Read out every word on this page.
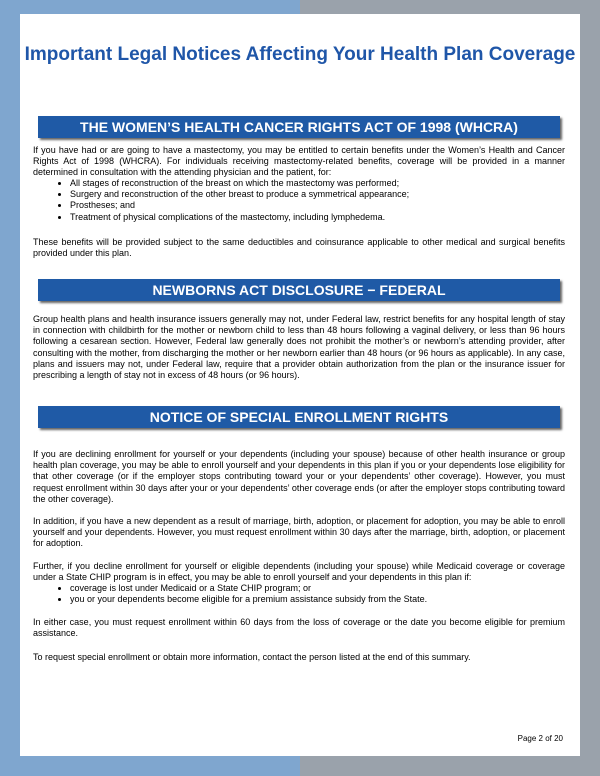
Important Legal Notices Affecting Your Health Plan Coverage
THE WOMEN’S HEALTH CANCER RIGHTS ACT OF 1998 (WHCRA)
If you have had or are going to have a mastectomy, you may be entitled to certain benefits under the Women’s Health and Cancer Rights Act of 1998 (WHCRA). For individuals receiving mastectomy-related benefits, coverage will be provided in a manner determined in consultation with the attending physician and the patient, for:
• All stages of reconstruction of the breast on which the mastectomy was performed;
• Surgery and reconstruction of the other breast to produce a symmetrical appearance;
• Prostheses; and
• Treatment of physical complications of the mastectomy, including lymphedema.
These benefits will be provided subject to the same deductibles and coinsurance applicable to other medical and surgical benefits provided under this plan.
NEWBORNS ACT DISCLOSURE − FEDERAL
Group health plans and health insurance issuers generally may not, under Federal law, restrict benefits for any hospital length of stay in connection with childbirth for the mother or newborn child to less than 48 hours following a vaginal delivery, or less than 96 hours following a cesarean section. However, Federal law generally does not prohibit the mother’s or newborn’s attending provider, after consulting with the mother, from discharging the mother or her newborn earlier than 48 hours (or 96 hours as applicable). In any case, plans and issuers may not, under Federal law, require that a provider obtain authorization from the plan or the insurance issuer for prescribing a length of stay not in excess of 48 hours (or 96 hours).
NOTICE OF SPECIAL ENROLLMENT RIGHTS
If you are declining enrollment for yourself or your dependents (including your spouse) because of other health insurance or group health plan coverage, you may be able to enroll yourself and your dependents in this plan if you or your dependents lose eligibility for that other coverage (or if the employer stops contributing toward your or your dependents’ other coverage). However, you must request enrollment within 30 days after your or your dependents’ other coverage ends (or after the employer stops contributing toward the other coverage).
In addition, if you have a new dependent as a result of marriage, birth, adoption, or placement for adoption, you may be able to enroll yourself and your dependents. However, you must request enrollment within 30 days after the marriage, birth, adoption, or placement for adoption.
Further, if you decline enrollment for yourself or eligible dependents (including your spouse) while Medicaid coverage or coverage under a State CHIP program is in effect, you may be able to enroll yourself and your dependents in this plan if:
• coverage is lost under Medicaid or a State CHIP program; or
• you or your dependents become eligible for a premium assistance subsidy from the State.
In either case, you must request enrollment within 60 days from the loss of coverage or the date you become eligible for premium assistance.
To request special enrollment or obtain more information, contact the person listed at the end of this summary.
Page 2 of 20
